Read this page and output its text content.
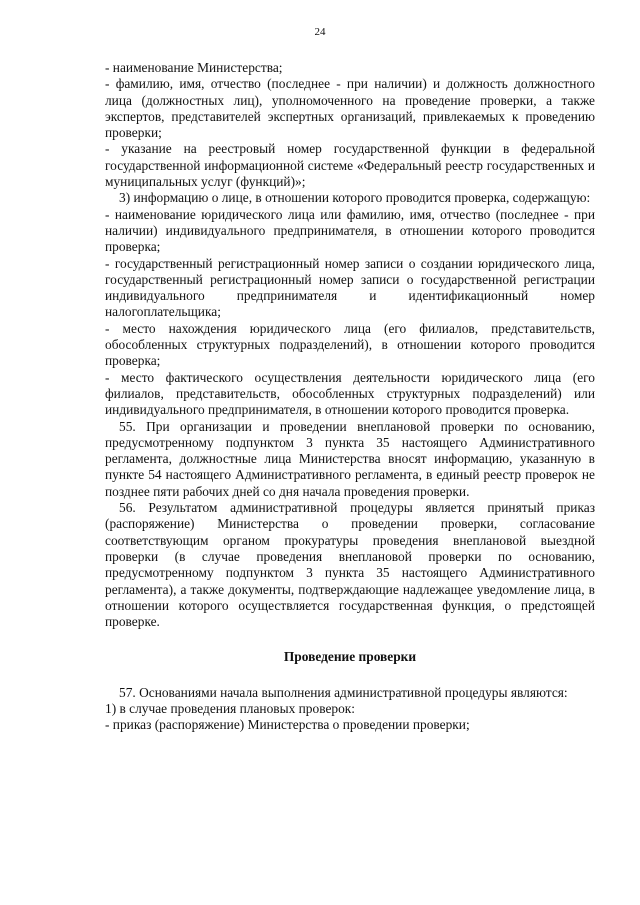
24

- наименование Министерства;

- фамилию, имя, отчество (последнее - при наличии) и должность должностного лица (должностных лиц), уполномоченного на проведение проверки, а также экспертов, представителей экспертных организаций, привлекаемых к проведению проверки;

- указание на реестровый номер государственной функции в федеральной государственной информационной системе «Федеральный реестр государственных и муниципальных услуг (функций)»;

3) информацию о лице, в отношении которого проводится проверка, содержащую:

- наименование юридического лица или фамилию, имя, отчество (последнее - при наличии) индивидуального предпринимателя, в отношении которого проводится проверка;

- государственный регистрационный номер записи о создании юридического лица, государственный регистрационный номер записи о государственной регистрации индивидуального предпринимателя и идентификационный номер налогоплательщика;

- место нахождения юридического лица (его филиалов, представительств, обособленных структурных подразделений), в отношении которого проводится проверка;

- место фактического осуществления деятельности юридического лица (его филиалов, представительств, обособленных структурных подразделений) или индивидуального предпринимателя, в отношении которого проводится проверка.

55. При организации и проведении внеплановой проверки по основанию, предусмотренному подпунктом 3 пункта 35 настоящего Административного регламента, должностные лица Министерства вносят информацию, указанную в пункте 54 настоящего Административного регламента, в единый реестр проверок не позднее пяти рабочих дней со дня начала проведения проверки.

56. Результатом административной процедуры является принятый приказ (распоряжение) Министерства о проведении проверки, согласование соответствующим органом прокуратуры проведения внеплановой выездной проверки (в случае проведения внеплановой проверки по основанию, предусмотренному подпунктом 3 пункта 35 настоящего Административного регламента), а также документы, подтверждающие надлежащее уведомление лица, в отношении которого осуществляется государственная функция, о предстоящей проверке.

Проведение проверки

57. Основаниями начала выполнения административной процедуры являются:

1) в случае проведения плановых проверок:

- приказ (распоряжение) Министерства о проведении проверки;
